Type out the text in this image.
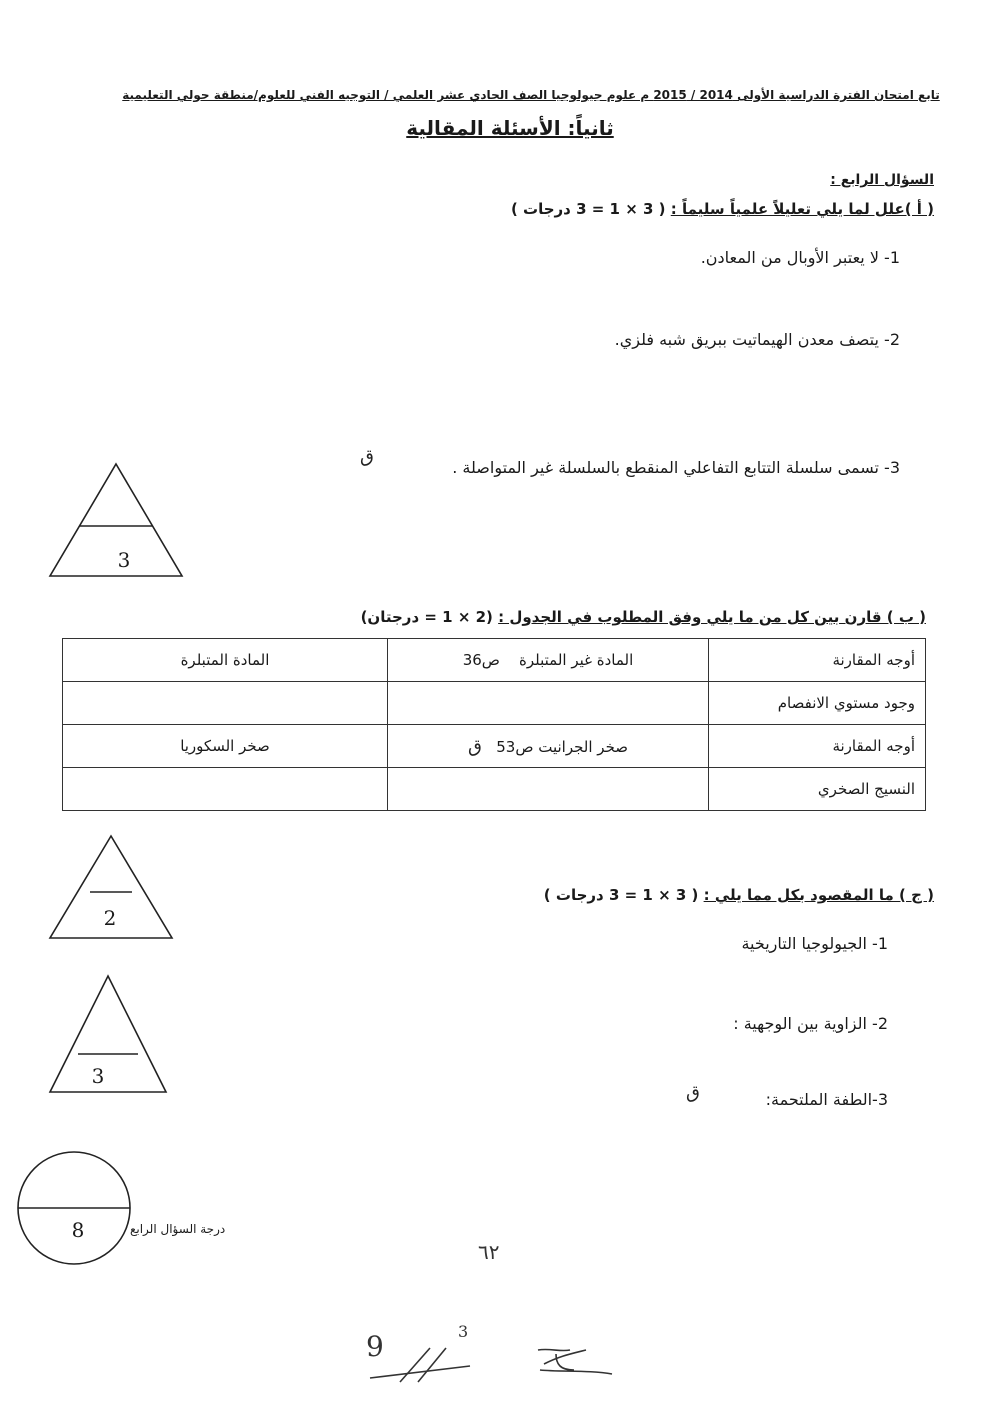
تابع امتحان الفترة الدراسية الأولى 2014 / 2015 م علوم جيولوجيا الصف الحادي عشر العلمي / التوجيه الفني للعلوم/منطقة حولي التعليمية
ثانياً: الأسئلة المقالية
السؤال الرابع :
( أ )علل لما يلي تعليلاً علمياً سليماً : ( 3 × 1 = 3 درجات )
1- لا يعتبر الأوبال من المعادن.
2- يتصف معدن الهيماتيت ببريق شبه فلزي.
3- تسمى سلسلة التتابع التفاعلي المنقطع بالسلسلة غير المتواصلة .
ق
3
( ب ) قارن بين كل من ما يلي وفق المطلوب في الجدول : (2 × 1 = درجتان)
أوجه المقارنة	المادة غير المتبلرة    ص36	المادة المتبلرة
وجود مستوي الانفصام		
أوجه المقارنة	صخر الجرانيت ص53   ق	صخر السكوريا
النسيج الصخري		
2
( ج ) ما المقصود بكل مما يلي : ( 3 × 1 = 3 درجات )
1- الجيولوجيا التاريخية
2- الزاوية بين الوجهية :
3-الطفة الملتحمة:
ق
3
8	درجة السؤال الرابع
٦٢
9	3
